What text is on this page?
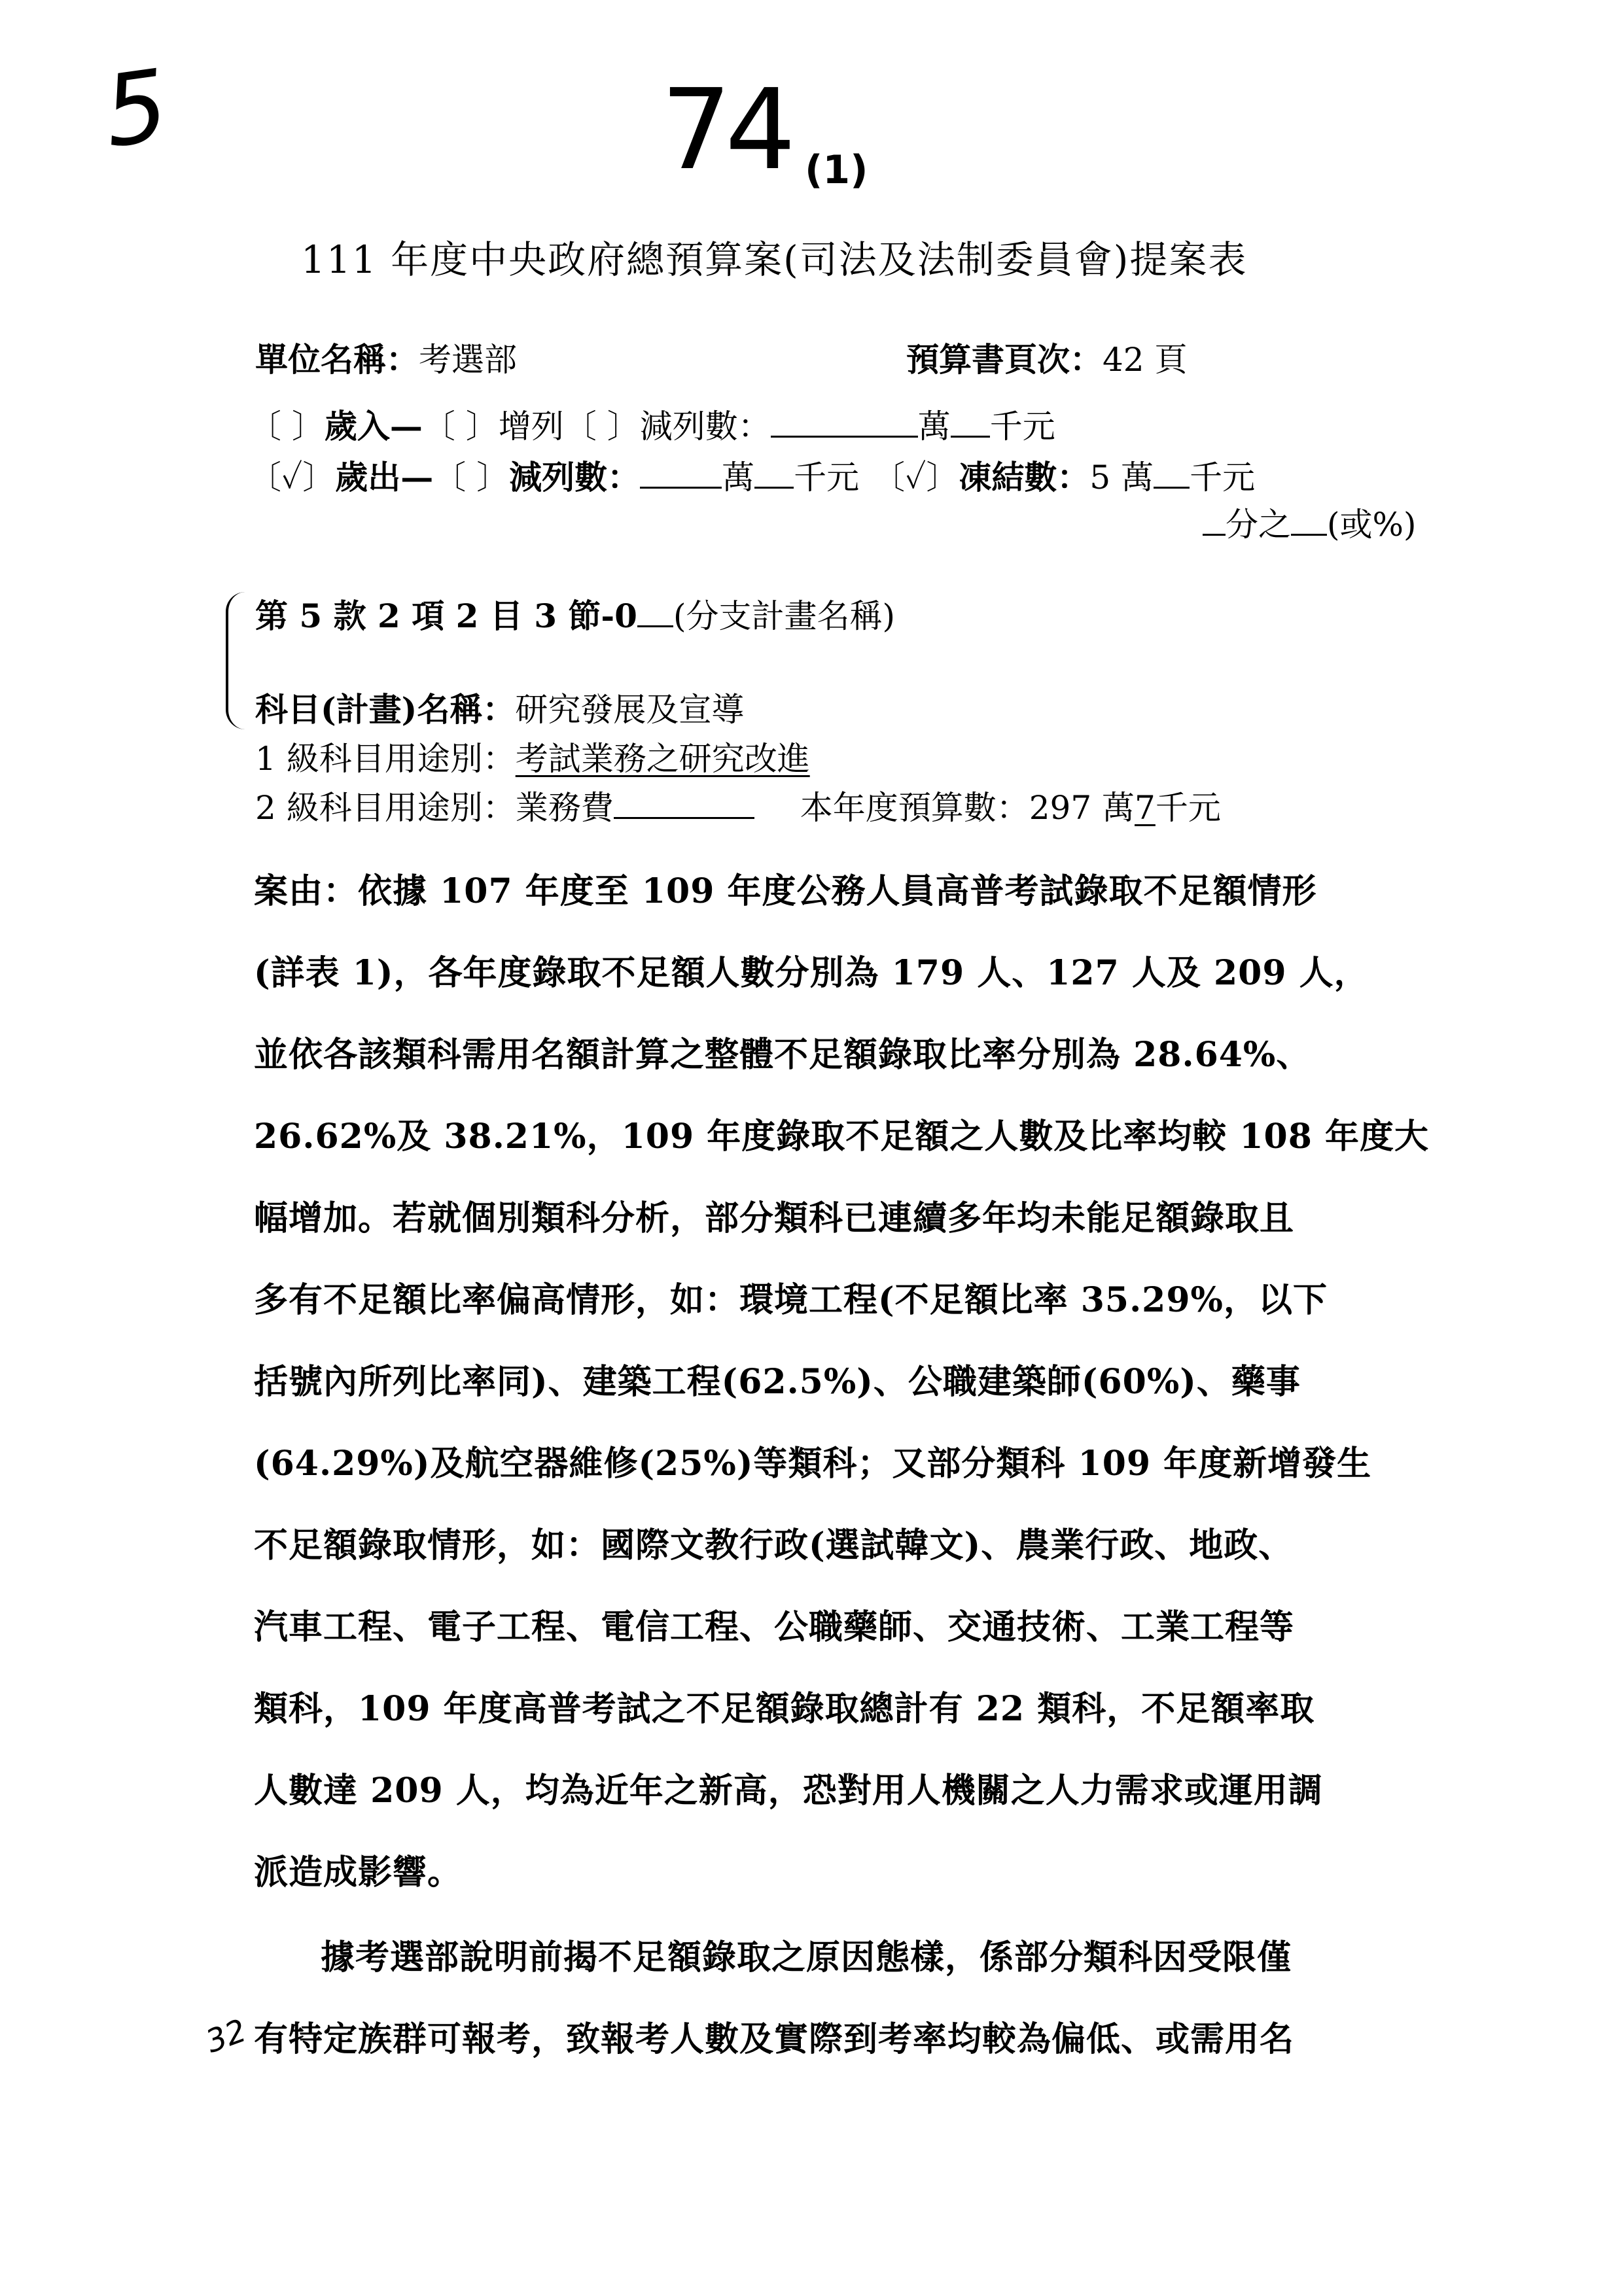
5	74 (1)
111 年度中央政府總預算案(司法及法制委員會)提案表
單位名稱：考選部	預算書頁次：42 頁
〔 〕歲入—〔 〕增列〔 〕減列數：	萬 千元
〔✓〕歲出—〔 〕減列數：	萬 千元 〔✓〕凍結數：5 萬 千元
分之 (或%)
第 5 款 2 項 2 目 3 節-0 (分支計畫名稱)
科目(計畫)名稱：研究發展及宣導
1 級科目用途別：考試業務之研究改進
2 級科目用途別：業務費	本年度預算數：297 萬7千元
案由：依據 107 年度至 109 年度公務人員高普考試錄取不足額情形
(詳表 1)，各年度錄取不足額人數分別為 179 人、127 人及 209 人，
並依各該類科需用名額計算之整體不足額錄取比率分別為 28.64%、
26.62%及 38.21%，109 年度錄取不足額之人數及比率均較 108 年度大
幅增加。若就個別類科分析，部分類科已連續多年均未能足額錄取且
多有不足額比率偏高情形，如：環境工程(不足額比率 35.29%，以下
括號內所列比率同)、建築工程(62.5%)、公職建築師(60%)、藥事
(64.29%)及航空器維修(25%)等類科；又部分類科 109 年度新增發生
不足額錄取情形，如：國際文教行政(選試韓文)、農業行政、地政、
汽車工程、電子工程、電信工程、公職藥師、交通技術、工業工程等
類科，109 年度高普考試之不足額錄取總計有 22 類科，不足額率取
人數達 209 人，均為近年之新高，恐對用人機關之人力需求或運用調
派造成影響。
據考選部說明前揭不足額錄取之原因態樣，係部分類科因受限僅
有特定族群可報考，致報考人數及實際到考率均較為偏低、或需用名
32
